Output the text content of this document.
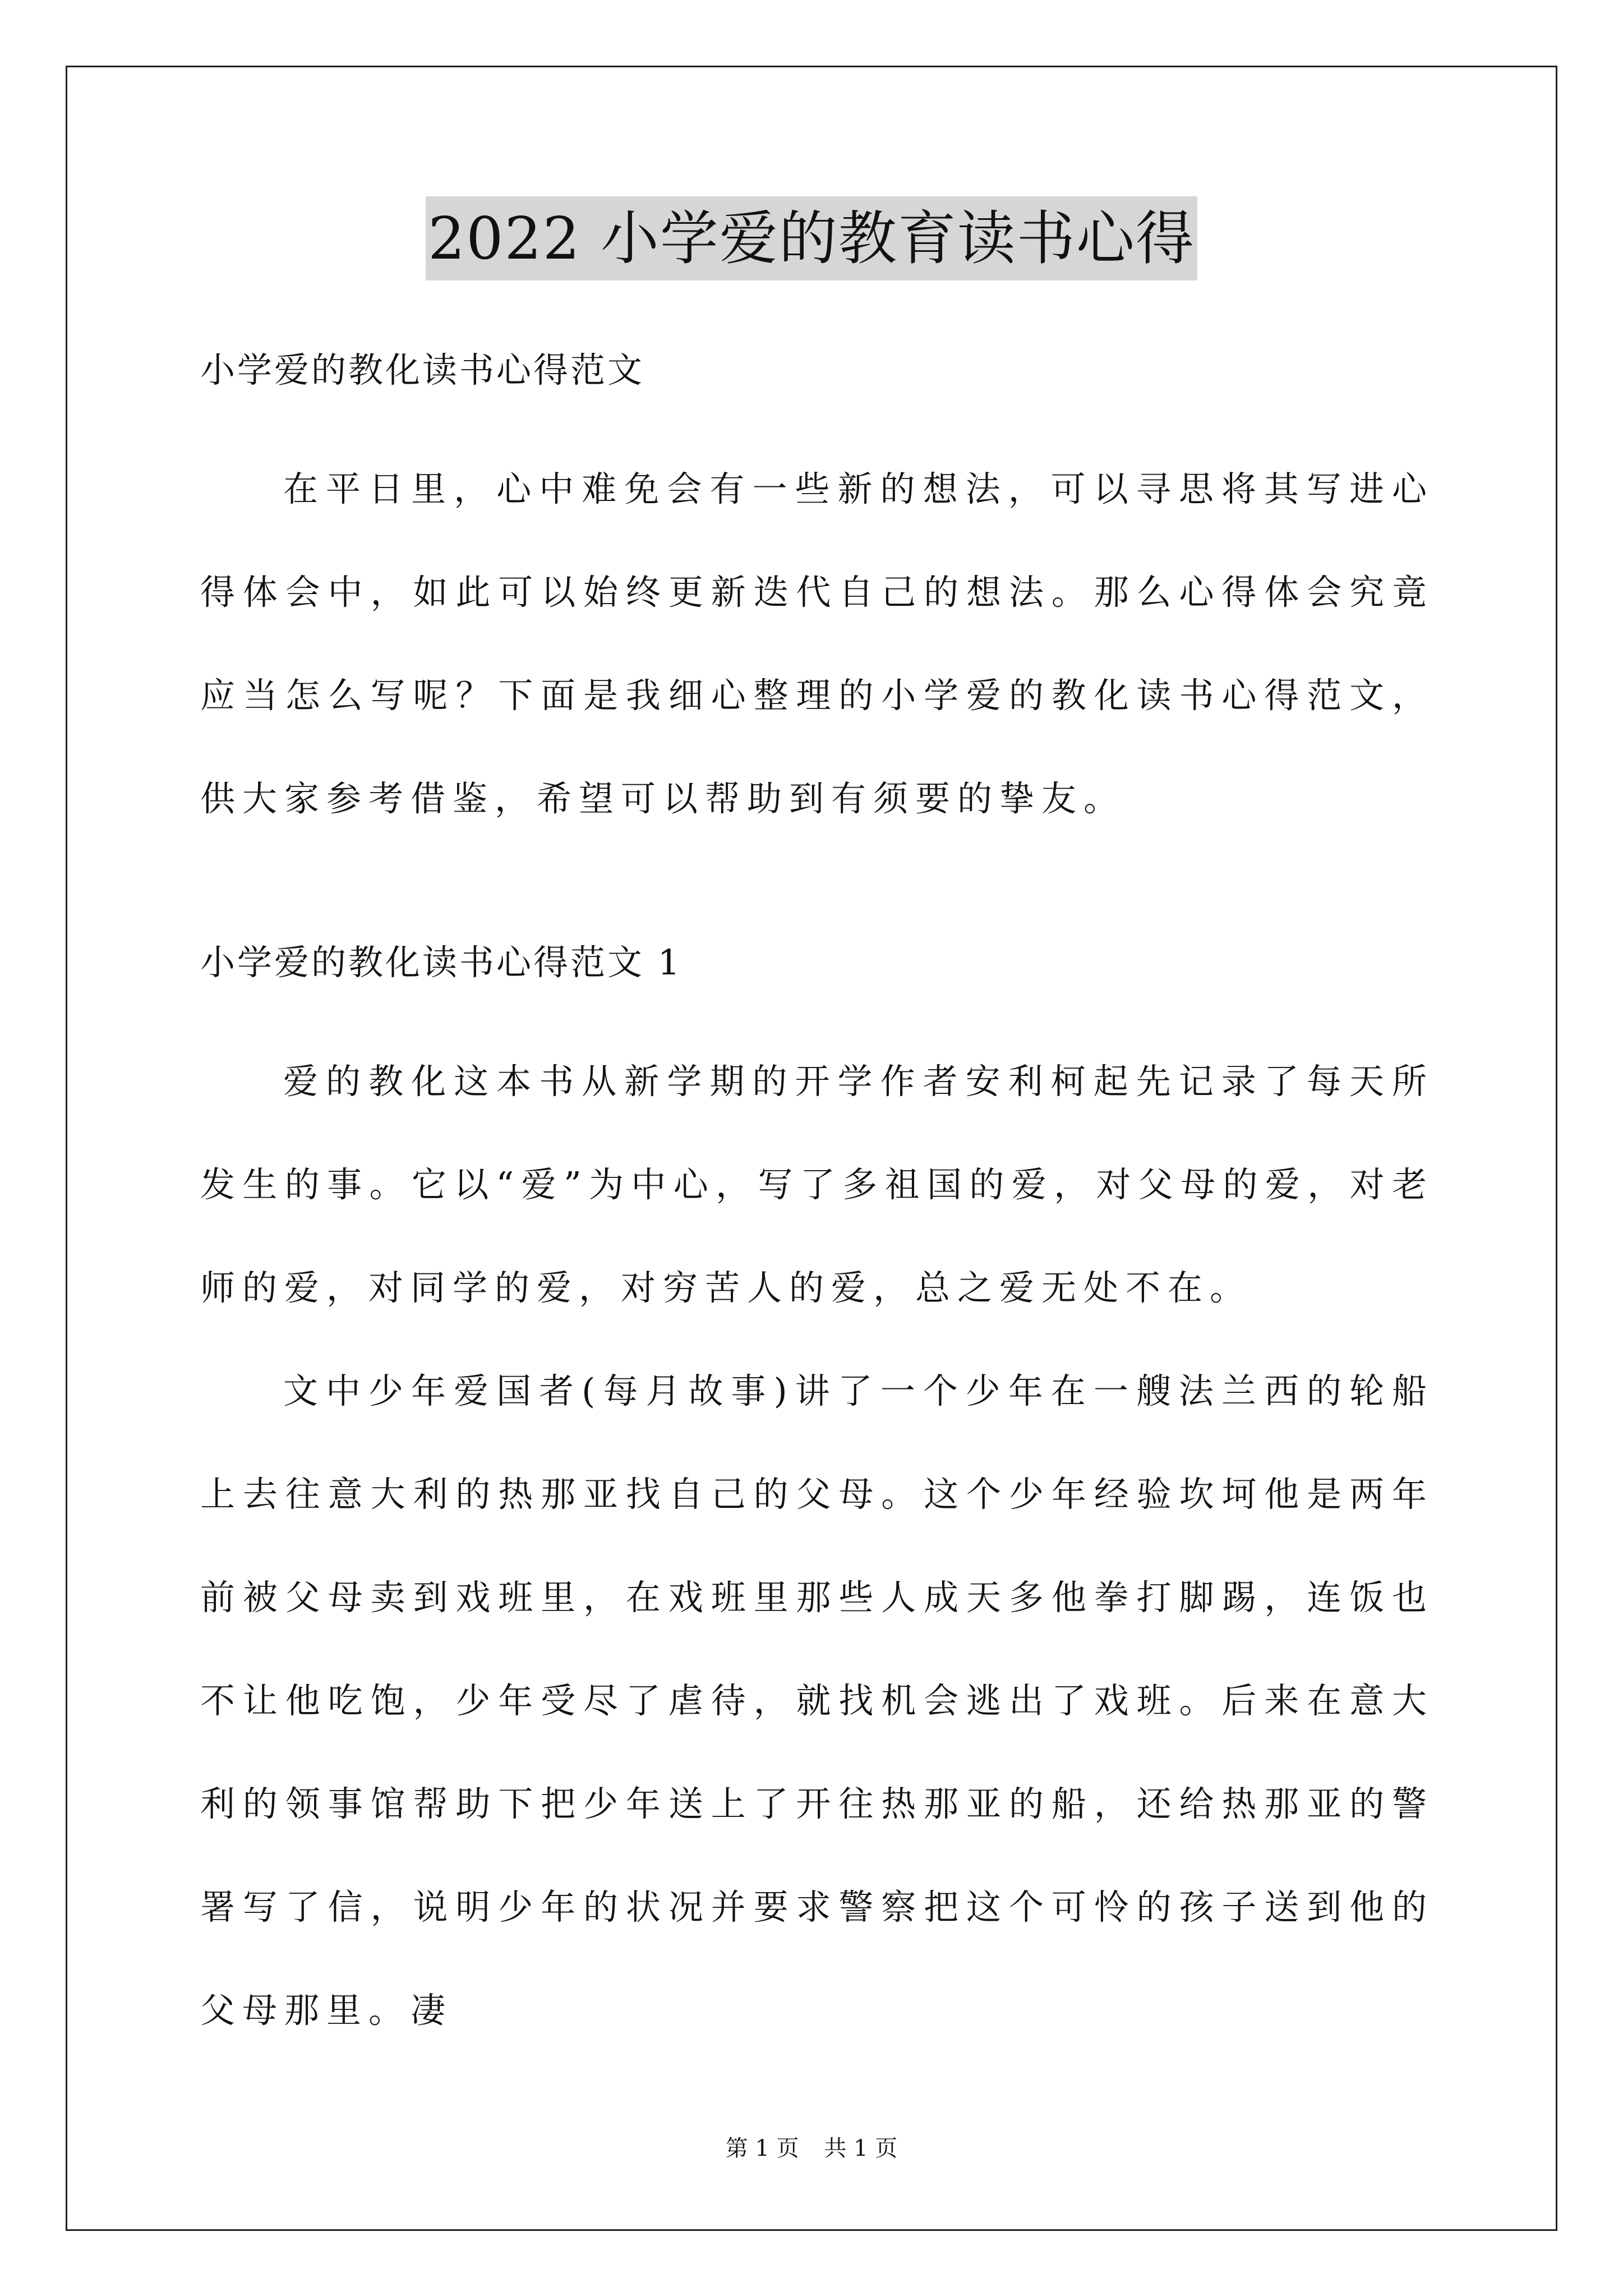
2022 小学爱的教育读书心得

小学爱的教化读书心得范文

在平日里，心中难免会有一些新的想法，可以寻思将其写进心得体会中，如此可以始终更新迭代自己的想法。那么心得体会究竟应当怎么写呢？下面是我细心整理的小学爱的教化读书心得范文，供大家参考借鉴，希望可以帮助到有须要的挚友。

小学爱的教化读书心得范文 1

爱的教化这本书从新学期的开学作者安利柯起先记录了每天所发生的事。它以“爱”为中心，写了多祖国的爱，对父母的爱，对老师的爱，对同学的爱，对穷苦人的爱，总之爱无处不在。

文中少年爱国者(每月故事)讲了一个少年在一艘法兰西的轮船上去往意大利的热那亚找自己的父母。这个少年经验坎坷他是两年前被父母卖到戏班里，在戏班里那些人成天多他拳打脚踢，连饭也不让他吃饱，少年受尽了虐待，就找机会逃出了戏班。后来在意大利的领事馆帮助下把少年送上了开往热那亚的船，还给热那亚的警署写了信，说明少年的状况并要求警察把这个可怜的孩子送到他的父母那里。凄

第 1 页 共 1 页
